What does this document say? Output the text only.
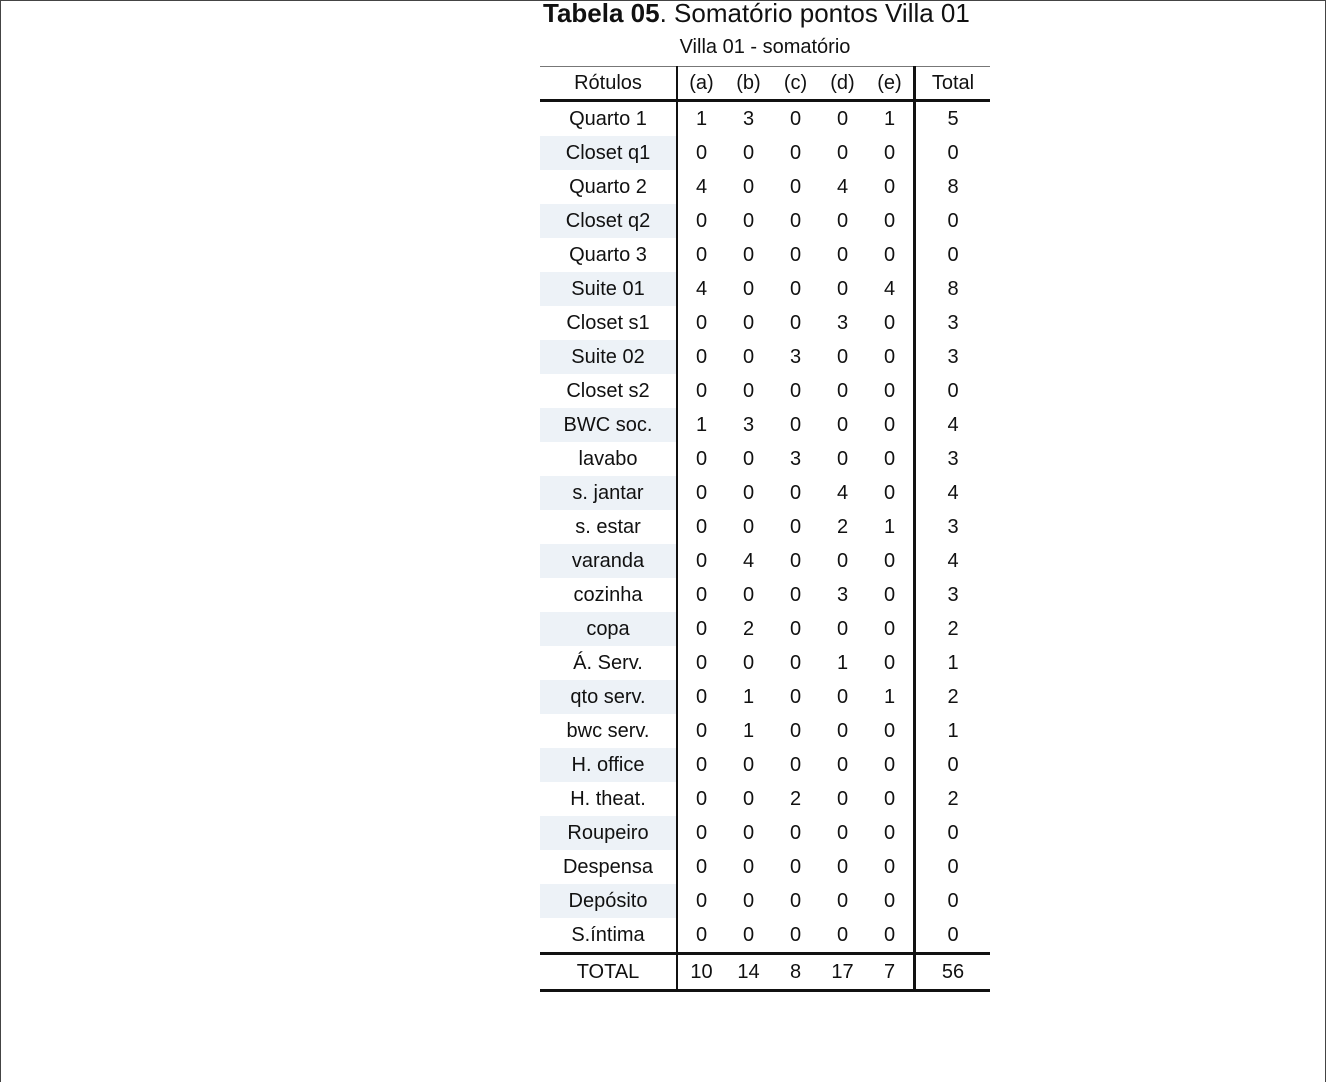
Tabela 05. Somatório pontos Villa 01
Villa 01 - somatório
Rótulos	(a)	(b)	(c)	(d)	(e)	Total
Quarto 1	1	3	0	0	1	5
Closet q1	0	0	0	0	0	0
Quarto 2	4	0	0	4	0	8
Closet q2	0	0	0	0	0	0
Quarto 3	0	0	0	0	0	0
Suite 01	4	0	0	0	4	8
Closet s1	0	0	0	3	0	3
Suite 02	0	0	3	0	0	3
Closet s2	0	0	0	0	0	0
BWC soc.	1	3	0	0	0	4
lavabo	0	0	3	0	0	3
s. jantar	0	0	0	4	0	4
s. estar	0	0	0	2	1	3
varanda	0	4	0	0	0	4
cozinha	0	0	0	3	0	3
copa	0	2	0	0	0	2
Á. Serv.	0	0	0	1	0	1
qto serv.	0	1	0	0	1	2
bwc serv.	0	1	0	0	0	1
H. office	0	0	0	0	0	0
H. theat.	0	0	2	0	0	2
Roupeiro	0	0	0	0	0	0
Despensa	0	0	0	0	0	0
Depósito	0	0	0	0	0	0
S.íntima	0	0	0	0	0	0
TOTAL	10	14	8	17	7	56
